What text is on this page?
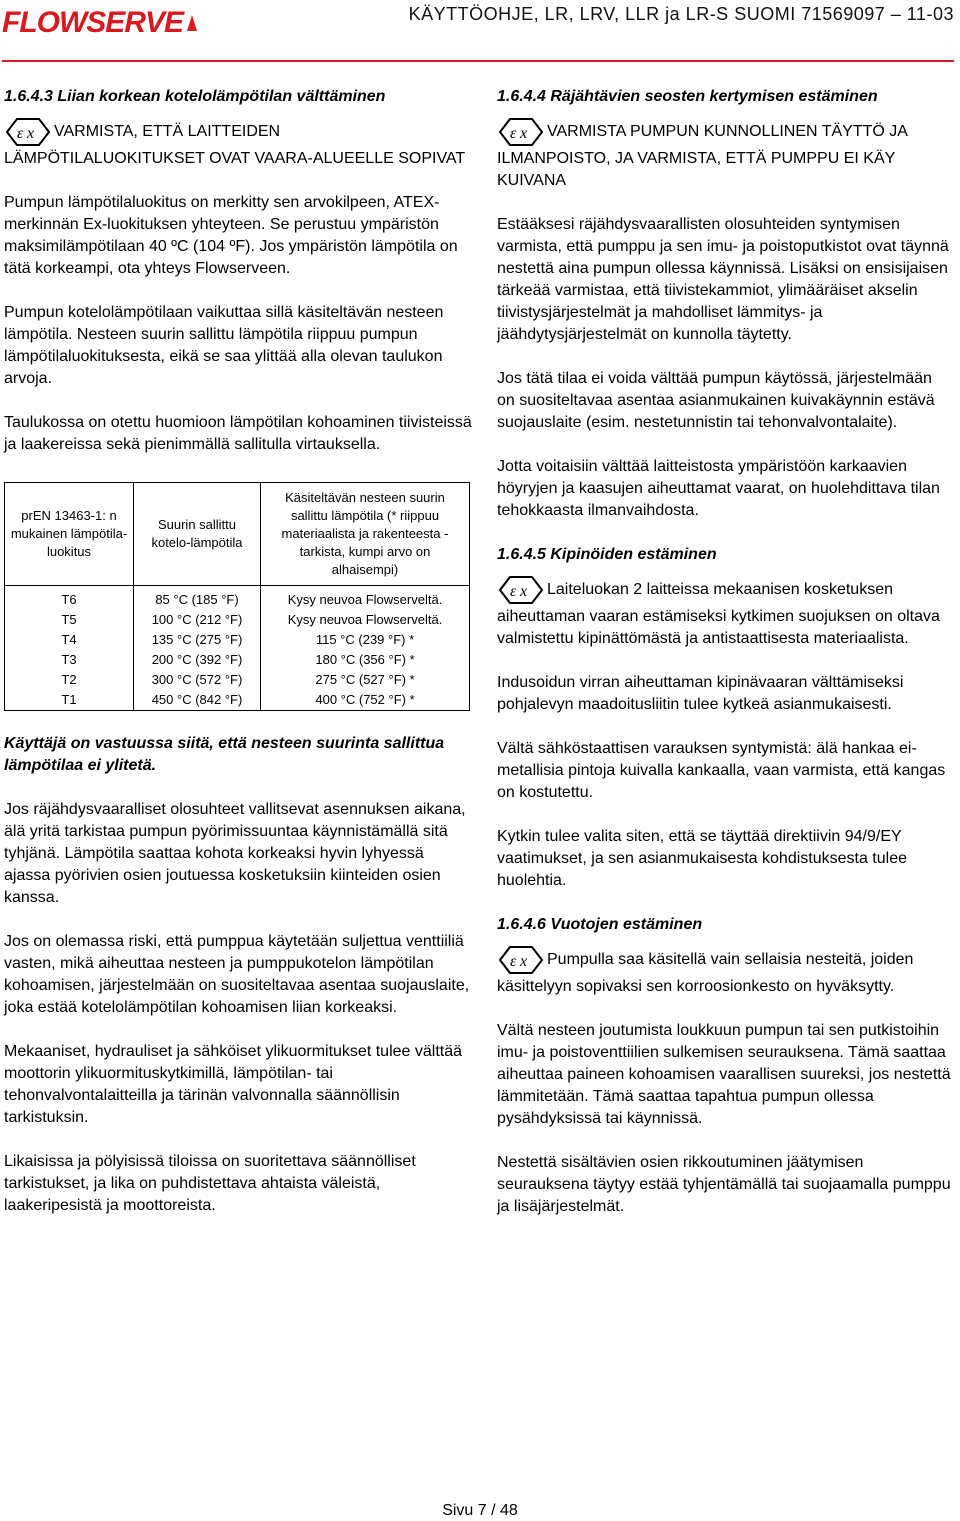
FLOWSERVE	KÄYTTÖOHJE, LR, LRV, LLR ja LR-S SUOMI 71569097 – 11-03

1.6.4.3 Liian korkean kotelolämpötilan välttäminen

ε x VARMISTA, ETTÄ LAITTEIDEN LÄMPÖTILALUOKITUKSET OVAT VAARA-ALUEELLE SOPIVAT

Pumpun lämpötilaluokitus on merkitty sen arvokilpeen, ATEX-merkinnän Ex-luokituksen yhteyteen. Se perustuu ympäristön maksimilämpötilaan 40 ºC (104 ºF). Jos ympäristön lämpötila on tätä korkeampi, ota yhteys Flowserveen.

Pumpun kotelolämpötilaan vaikuttaa sillä käsiteltävän nesteen lämpötila. Nesteen suurin sallittu lämpötila riippuu pumpun lämpötilaluokituksesta, eikä se saa ylittää alla olevan taulukon arvoja.

Taulukossa on otettu huomioon lämpötilan kohoaminen tiivisteissä ja laakereissa sekä pienimmällä sallitulla virtauksella.

prEN 13463-1: n mukainen lämpötila-luokitus	Suurin sallittu kotelo-lämpötila	Käsiteltävän nesteen suurin sallittu lämpötila (* riippuu materiaalista ja rakenteesta - tarkista, kumpi arvo on alhaisempi)
T6	85 °C (185 °F)	Kysy neuvoa Flowserveltä.
T5	100 °C (212 °F)	Kysy neuvoa Flowserveltä.
T4	135 °C (275 °F)	115 °C (239 °F) *
T3	200 °C (392 °F)	180 °C (356 °F) *
T2	300 °C (572 °F)	275 °C (527 °F) *
T1	450 °C (842 °F)	400 °C (752 °F) *

Käyttäjä on vastuussa siitä, että nesteen suurinta sallittua lämpötilaa ei ylitetä.

Jos räjähdysvaaralliset olosuhteet vallitsevat asennuksen aikana, älä yritä tarkistaa pumpun pyörimissuuntaa käynnistämällä sitä tyhjänä. Lämpötila saattaa kohota korkeaksi hyvin lyhyessä ajassa pyörivien osien joutuessa kosketuksiin kiinteiden osien kanssa.

Jos on olemassa riski, että pumppua käytetään suljettua venttiiliä vasten, mikä aiheuttaa nesteen ja pumppukotelon lämpötilan kohoamisen, järjestelmään on suositeltavaa asentaa suojauslaite, joka estää kotelolämpötilan kohoamisen liian korkeaksi.

Mekaaniset, hydrauliset ja sähköiset ylikuormitukset tulee välttää moottorin ylikuormituskytkimillä, lämpötilan- tai tehonvalvontalaitteilla ja tärinän valvonnalla säännöllisin tarkistuksin.

Likaisissa ja pölyisissä tiloissa on suoritettava säännölliset tarkistukset, ja lika on puhdistettava ahtaista väleistä, laakeripesistä ja moottoreista.

1.6.4.4 Räjähtävien seosten kertymisen estäminen

ε x VARMISTA PUMPUN KUNNOLLINEN TÄYTTÖ JA ILMANPOISTO, JA VARMISTA, ETTÄ PUMPPU EI KÄY KUIVANA

Estääksesi räjähdysvaarallisten olosuhteiden syntymisen varmista, että pumppu ja sen imu- ja poistoputkistot ovat täynnä nestettä aina pumpun ollessa käynnissä. Lisäksi on ensisijaisen tärkeää varmistaa, että tiivistekammiot, ylimääräiset akselin tiivistysjärjestelmät ja mahdolliset lämmitys- ja jäähdytysjärjestelmät on kunnolla täytetty.

Jos tätä tilaa ei voida välttää pumpun käytössä, järjestelmään on suositeltavaa asentaa asianmukainen kuivakäynnin estävä suojauslaite (esim. nestetunnistin tai tehonvalvontalaite).

Jotta voitaisiin välttää laitteistosta ympäristöön karkaavien höyryjen ja kaasujen aiheuttamat vaarat, on huolehdittava tilan tehokkaasta ilmanvaihdosta.

1.6.4.5 Kipinöiden estäminen

ε x Laiteluokan 2 laitteissa mekaanisen kosketuksen aiheuttaman vaaran estämiseksi kytkimen suojuksen on oltava valmistettu kipinättömästä ja antistaattisesta materiaalista.

Indusoidun virran aiheuttaman kipinävaaran välttämiseksi pohjalevyn maadoitusliitin tulee kytkeä asianmukaisesti.

Vältä sähköstaattisen varauksen syntymistä: älä hankaa ei-metallisia pintoja kuivalla kankaalla, vaan varmista, että kangas on kostutettu.

Kytkin tulee valita siten, että se täyttää direktiivin 94/9/EY vaatimukset, ja sen asianmukaisesta kohdistuksesta tulee huolehtia.

1.6.4.6 Vuotojen estäminen

ε x Pumpulla saa käsitellä vain sellaisia nesteitä, joiden käsittelyyn sopivaksi sen korroosionkesto on hyväksytty.

Vältä nesteen joutumista loukkuun pumpun tai sen putkistoihin imu- ja poistoventtiilien sulkemisen seurauksena. Tämä saattaa aiheuttaa paineen kohoamisen vaarallisen suureksi, jos nestettä lämmitetään. Tämä saattaa tapahtua pumpun ollessa pysähdyksissä tai käynnissä.

Nestettä sisältävien osien rikkoutuminen jäätymisen seurauksena täytyy estää tyhjentämällä tai suojaamalla pumppu ja lisäjärjestelmät.

Sivu 7 / 48
